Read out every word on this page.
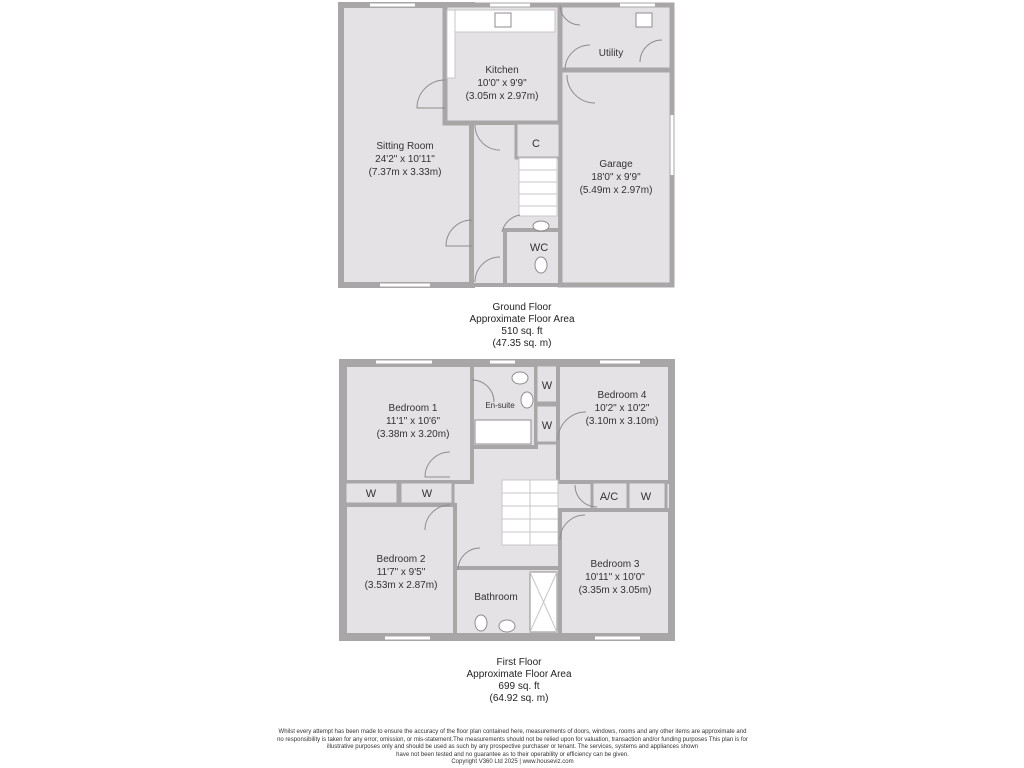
Sitting Room
24'2" x 10'11"
(7.37m x 3.33m)
Kitchen
10'0" x 9'9"
(3.05m x 2.97m)
Utility
Garage
18'0" x 9'9"
(5.49m x 2.97m)
C
WC
Bedroom 1
11'1" x 10'6"
(3.38m x 3.20m)
En-suite
Bedroom 4
10'2" x 10'2"
(3.10m x 3.10m)
Bedroom 2
11'7" x 9'5"
(3.53m x 2.87m)
Bedroom 3
10'11" x 10'0"
(3.35m x 3.05m)
Bathroom
W
W
W	W	A/C W
Ground Floor
Approximate Floor Area
510 sq. ft
(47.35 sq. m)
First Floor
Approximate Floor Area
699 sq. ft
(64.92 sq. m)
Whilst every attempt has been made to ensure the accuracy of the floor plan contained here, measurements of doors, windows, rooms and any other items are approximate and
no responsibility is taken for any error, omission, or mis-statement.The measurements should not be relied upon for valuation, transaction and/or funding purposes This plan is for
illustrative purposes only and should be used as such by any prospective purchaser or tenant. The services, systems and appliances shown
have not been tested and no guarantee as to their operability or efficiency can be given.
Copyright V360 Ltd 2025 | www.houseviz.com
